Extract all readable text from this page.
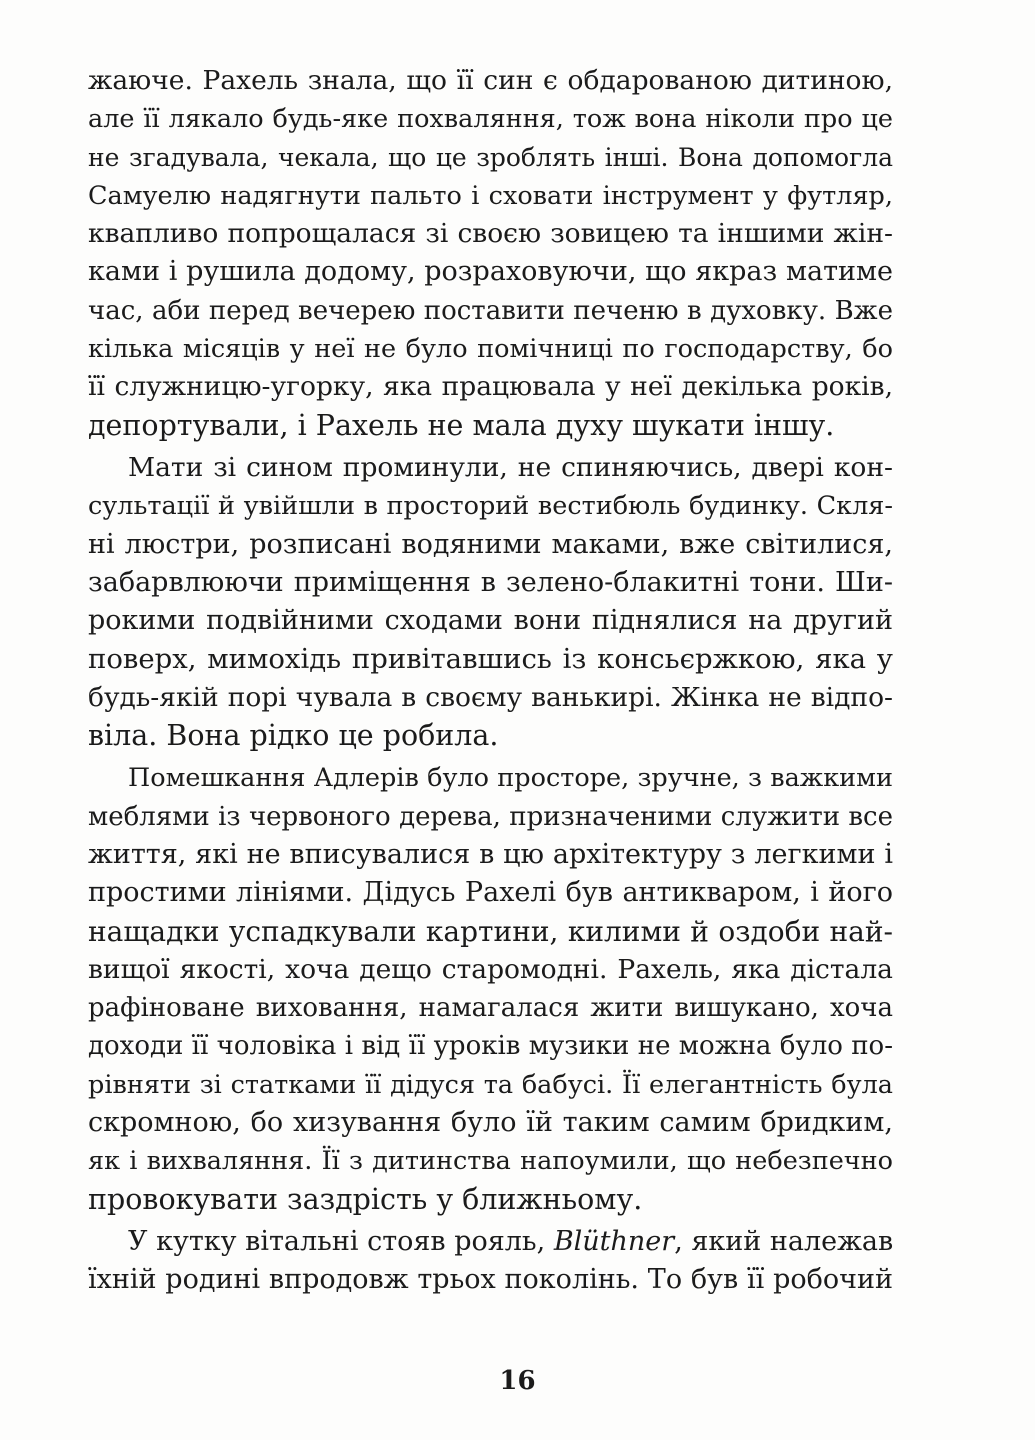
жаюче. Рахель знала, що її син є обдарованою дитиною,
але її лякало будь-яке похваляння, тож вона ніколи про це
не згадувала, чекала, що це зроблять інші. Вона допомогла
Самуелю надягнути пальто і сховати інструмент у футляр,
квапливо попрощалася зі своєю зовицею та іншими жін-
ками і рушила додому, розраховуючи, що якраз матиме
час, аби перед вечерею поставити печеню в духовку. Вже
кілька місяців у неї не було помічниці по господарству, бо
її служницю-угорку, яка працювала у неї декілька років,
депортували, і Рахель не мала духу шукати іншу.
Мати зі сином проминули, не спиняючись, двері кон-
сультації й увійшли в просторий вестибюль будинку. Скля-
ні люстри, розписані водяними маками, вже світилися,
забарвлюючи приміщення в зелено-блакитні тони. Ши-
рокими подвійними сходами вони піднялися на другий
поверх, мимохідь привітавшись із консьєржкою, яка у
будь-якій порі чувала в своєму ванькирі. Жінка не відпо-
віла. Вона рідко це робила.
Помешкання Адлерів було просторе, зручне, з важкими
меблями із червоного дерева, призначеними служити все
життя, які не вписувалися в цю архітектуру з легкими і
простими лініями. Дідусь Рахелі був антикваром, і його
нащадки успадкували картини, килими й оздоби най-
вищої якості, хоча дещо старомодні. Рахель, яка дістала
рафіноване виховання, намагалася жити вишукано, хоча
доходи її чоловіка і від її уроків музики не можна було по-
рівняти зі статками її дідуся та бабусі. Її елегантність була
скромною, бо хизування було їй таким самим бридким,
як і вихваляння. Її з дитинства напоумили, що небезпечно
провокувати заздрість у ближньому.
У кутку вітальні стояв рояль, Blüthner, який належав
їхній родині впродовж трьох поколінь. То був її робочий
16
